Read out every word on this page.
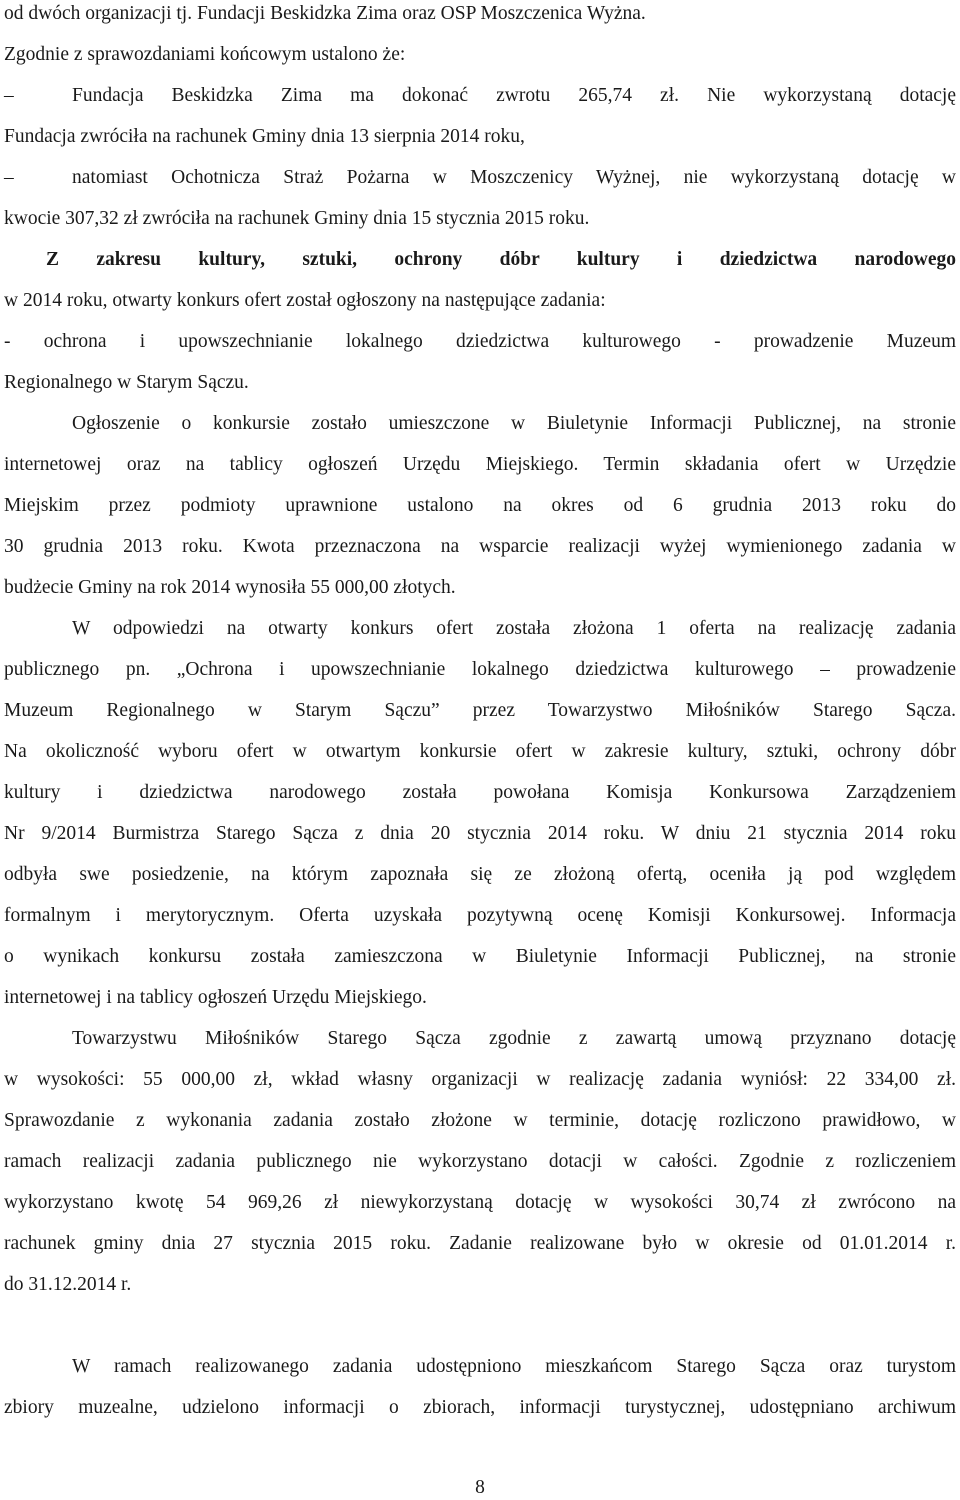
od dwóch organizacji tj. Fundacji Beskidzka Zima oraz OSP Moszczenica Wyżna.
Zgodnie z sprawozdaniami końcowym ustalono że:
–	Fundacja Beskidzka Zima ma dokonać zwrotu 265,74 zł. Nie wykorzystaną dotację
Fundacja zwróciła na rachunek Gminy dnia 13 sierpnia 2014 roku,
–	natomiast Ochotnicza Straż Pożarna w Moszczenicy Wyżnej, nie wykorzystaną dotację w
kwocie 307,32 zł zwróciła na rachunek Gminy dnia 15 stycznia 2015 roku.
Z zakresu kultury, sztuki, ochrony dóbr kultury i dziedzictwa narodowego
w 2014 roku, otwarty konkurs ofert został ogłoszony na następujące zadania:
- ochrona i upowszechnianie lokalnego dziedzictwa kulturowego - prowadzenie Muzeum
Regionalnego w Starym Sączu.
Ogłoszenie o konkursie zostało umieszczone w Biuletynie Informacji Publicznej, na stronie
internetowej oraz na tablicy ogłoszeń Urzędu Miejskiego. Termin składania ofert w Urzędzie
Miejskim przez podmioty uprawnione ustalono na okres od 6 grudnia 2013 roku do
30 grudnia 2013 roku. Kwota przeznaczona na wsparcie realizacji wyżej wymienionego zadania w
budżecie Gminy na rok 2014 wynosiła 55 000,00 złotych.
W odpowiedzi na otwarty konkurs ofert została złożona 1 oferta na realizację zadania
publicznego pn. „Ochrona i upowszechnianie lokalnego dziedzictwa kulturowego – prowadzenie
Muzeum Regionalnego w Starym Sączu” przez Towarzystwo Miłośników Starego Sącza.
Na okoliczność wyboru ofert w otwartym konkursie ofert w zakresie kultury, sztuki, ochrony dóbr
kultury i dziedzictwa narodowego została powołana Komisja Konkursowa Zarządzeniem
Nr 9/2014 Burmistrza Starego Sącza z dnia 20 stycznia 2014 roku. W dniu 21 stycznia 2014 roku
odbyła swe posiedzenie, na którym zapoznała się ze złożoną ofertą, oceniła ją pod względem
formalnym i merytorycznym. Oferta uzyskała pozytywną ocenę Komisji Konkursowej. Informacja
o wynikach konkursu została zamieszczona w Biuletynie Informacji Publicznej, na stronie
internetowej i na tablicy ogłoszeń Urzędu Miejskiego.
Towarzystwu Miłośników Starego Sącza zgodnie z zawartą umową przyznano dotację
w wysokości: 55 000,00 zł, wkład własny organizacji w realizację zadania wyniósł: 22 334,00 zł.
Sprawozdanie z wykonania zadania zostało złożone w terminie, dotację rozliczono prawidłowo, w
ramach realizacji zadania publicznego nie wykorzystano dotacji w całości. Zgodnie z rozliczeniem
wykorzystano kwotę 54 969,26 zł niewykorzystaną dotację w wysokości 30,74 zł zwrócono na
rachunek gminy dnia 27 stycznia 2015 roku. Zadanie realizowane było w okresie od 01.01.2014 r.
do 31.12.2014 r.
W ramach realizowanego zadania udostępniono mieszkańcom Starego Sącza oraz turystom
zbiory muzealne, udzielono informacji o zbiorach, informacji turystycznej, udostępniano archiwum
8
